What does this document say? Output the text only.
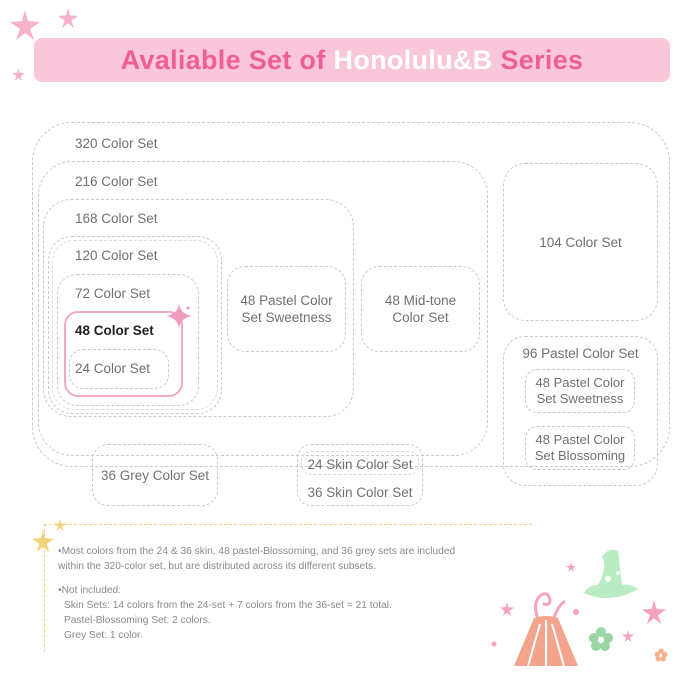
Avaliable Set of Honolulu&B Series
320 Color Set
216 Color Set
168 Color Set
120 Color Set
72 Color Set
48 Color Set
24 Color Set
48 Pastel Color
Set Sweetness
48 Mid-tone
Color Set
104 Color Set
96 Pastel Color Set
48 Pastel Color
Set Sweetness
48 Pastel Color
Set Blossoming
36 Grey Color Set
24 Skin Color Set
36 Skin Color Set
•Most colors from the 24 & 36 skin, 48 pastel-Blossoming, and 36 grey sets are included
within the 320-color set, but are distributed across its different subsets.
•Not included:
Skin Sets: 14 colors from the 24-set + 7 colors from the 36-set = 21 total.
Pastel-Blossoming Set: 2 colors.
Grey Set: 1 color.
